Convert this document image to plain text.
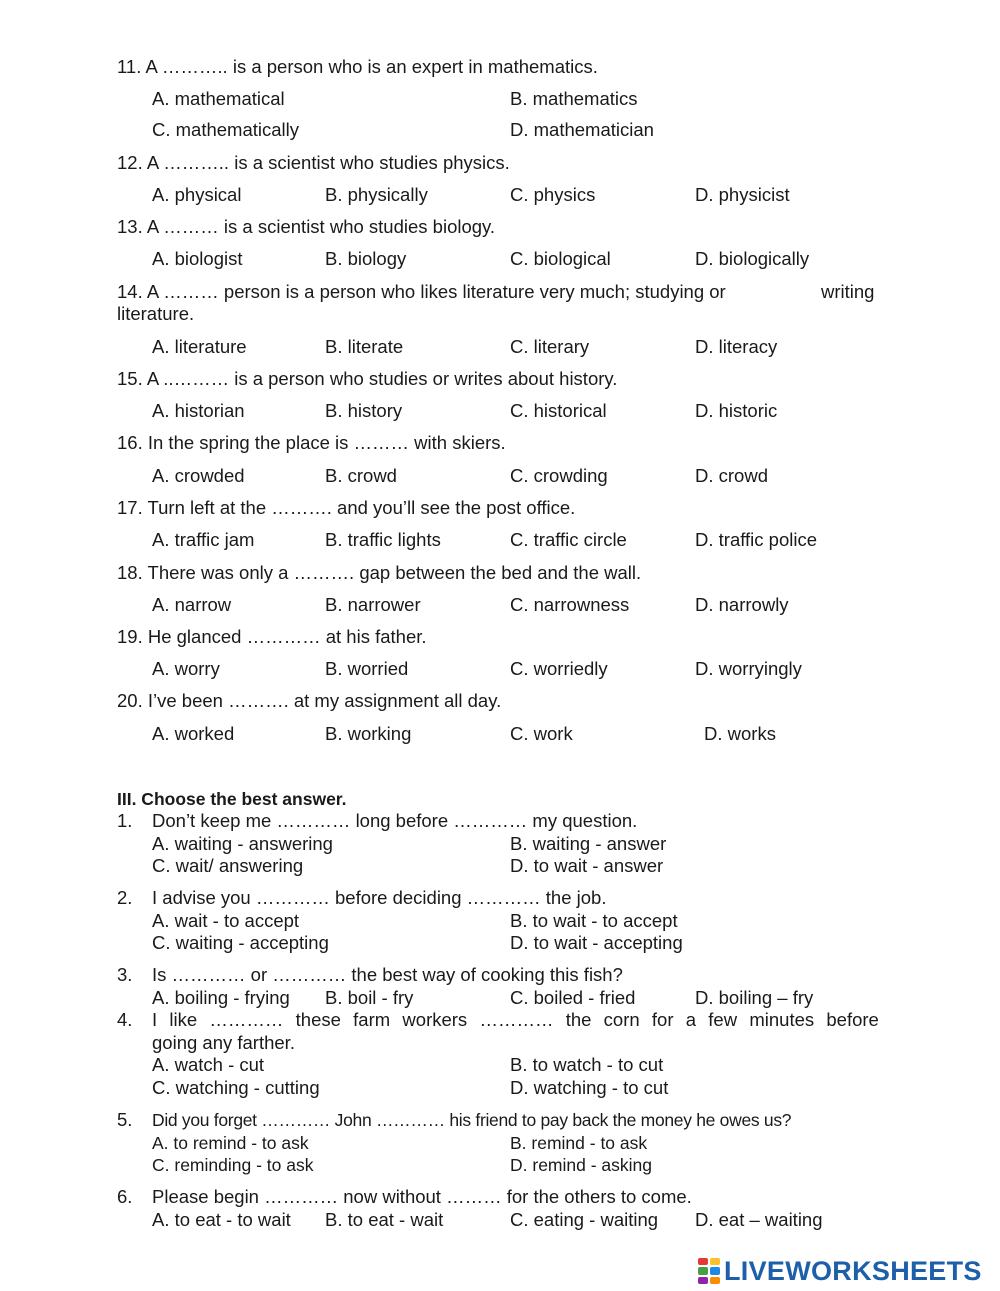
11. A ……….. is a person who is an expert in mathematics.
A. mathematical	B. mathematics
C. mathematically	D. mathematician
12. A ……….. is a scientist who studies physics.
A. physical	B. physically	C. physics	D. physicist
13. A ……… is a scientist who studies biology.
A. biologist	B. biology	C. biological	D. biologically
14. A ……… person is a person who likes literature very much; studying or	writing
literature.
A. literature	B. literate	C. literary	D. literacy
15. A ..……… is a person who studies or writes about history.
A. historian	B. history	C. historical	D. historic
16. In the spring the place is ……… with skiers.
A. crowded	B. crowd	C. crowding	D. crowd
17. Turn left at the ………. and you’ll see the post office.
A. traffic jam	B. traffic lights	C. traffic circle	D. traffic police
18. There was only a ………. gap between the bed and the wall.
A. narrow	B. narrower	C. narrowness	D. narrowly
19. He glanced ………… at his father.
A. worry	B. worried	C. worriedly	D. worryingly
20. I’ve been ………. at my assignment all day.
A. worked	B. working	C. work	D. works
III. Choose the best answer.
1. Don’t keep me ………… long before ………… my question.
A. waiting - answering	B. waiting - answer
C. wait/ answering	D. to wait - answer
2. I advise you ………… before deciding ………… the job.
A. wait - to accept	B. to wait - to accept
C. waiting - accepting	D. to wait - accepting
3. Is ………… or ………… the best way of cooking this fish?
A. boiling - frying B. boil - fry	C. boiled - fried	D. boiling – fry
4. I like ………… these farm workers ………… the corn for a few minutes before
going any farther.
A. watch - cut	B. to watch - to cut
C. watching - cutting	D. watching - to cut
5. Did you forget ………… John ………… his friend to pay back the money he owes us?
A. to remind - to ask	B. remind - to ask
C. reminding - to ask	D. remind - asking
6. Please begin ………… now without ……… for the others to come.
A. to eat - to wait B. to eat - wait	C. eating - waiting D. eat – waiting
LIVEWORKSHEETS
